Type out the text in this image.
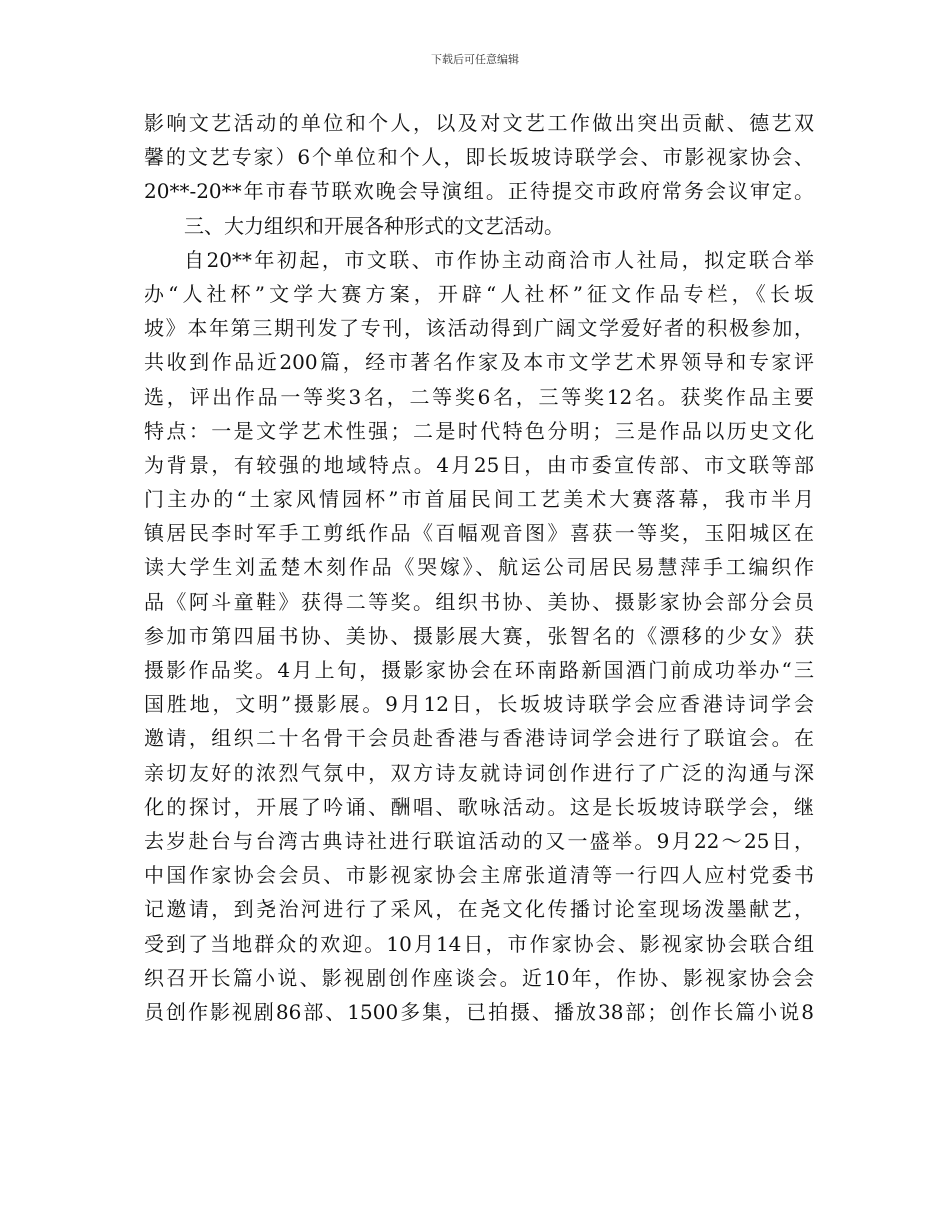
下载后可任意编辑
影响文艺活动的单位和个人，以及对文艺工作做出突出贡献、德艺双
馨的文艺专家）6个单位和个人，即长坂坡诗联学会、市影视家协会、
20**-20**年市春节联欢晚会导演组。正待提交市政府常务会议审定。
三、大力组织和开展各种形式的文艺活动。
自20**年初起，市文联、市作协主动商洽市人社局，拟定联合举
办“人社杯”文学大赛方案，开辟“人社杯”征文作品专栏，《长坂
坡》本年第三期刊发了专刊，该活动得到广阔文学爱好者的积极参加，
共收到作品近200篇，经市著名作家及本市文学艺术界领导和专家评
选，评出作品一等奖3名，二等奖6名，三等奖12名。获奖作品主要
特点：一是文学艺术性强；二是时代特色分明；三是作品以历史文化
为背景，有较强的地域特点。4月25日，由市委宣传部、市文联等部
门主办的“土家风情园杯”市首届民间工艺美术大赛落幕，我市半月
镇居民李时军手工剪纸作品《百幅观音图》喜获一等奖，玉阳城区在
读大学生刘孟楚木刻作品《哭嫁》、航运公司居民易慧萍手工编织作
品《阿斗童鞋》获得二等奖。组织书协、美协、摄影家协会部分会员
参加市第四届书协、美协、摄影展大赛，张智名的《漂移的少女》获
摄影作品奖。4月上旬，摄影家协会在环南路新国酒门前成功举办“三
国胜地，文明”摄影展。9月12日，长坂坡诗联学会应香港诗词学会
邀请，组织二十名骨干会员赴香港与香港诗词学会进行了联谊会。在
亲切友好的浓烈气氛中，双方诗友就诗词创作进行了广泛的沟通与深
化的探讨，开展了吟诵、酬唱、歌咏活动。这是长坂坡诗联学会，继
去岁赴台与台湾古典诗社进行联谊活动的又一盛举。9月22～25日，
中国作家协会会员、市影视家协会主席张道清等一行四人应村党委书
记邀请，到尧治河进行了采风，在尧文化传播讨论室现场泼墨献艺，
受到了当地群众的欢迎。10月14日，市作家协会、影视家协会联合组
织召开长篇小说、影视剧创作座谈会。近10年，作协、影视家协会会
员创作影视剧86部、1500多集，已拍摄、播放38部；创作长篇小说8
